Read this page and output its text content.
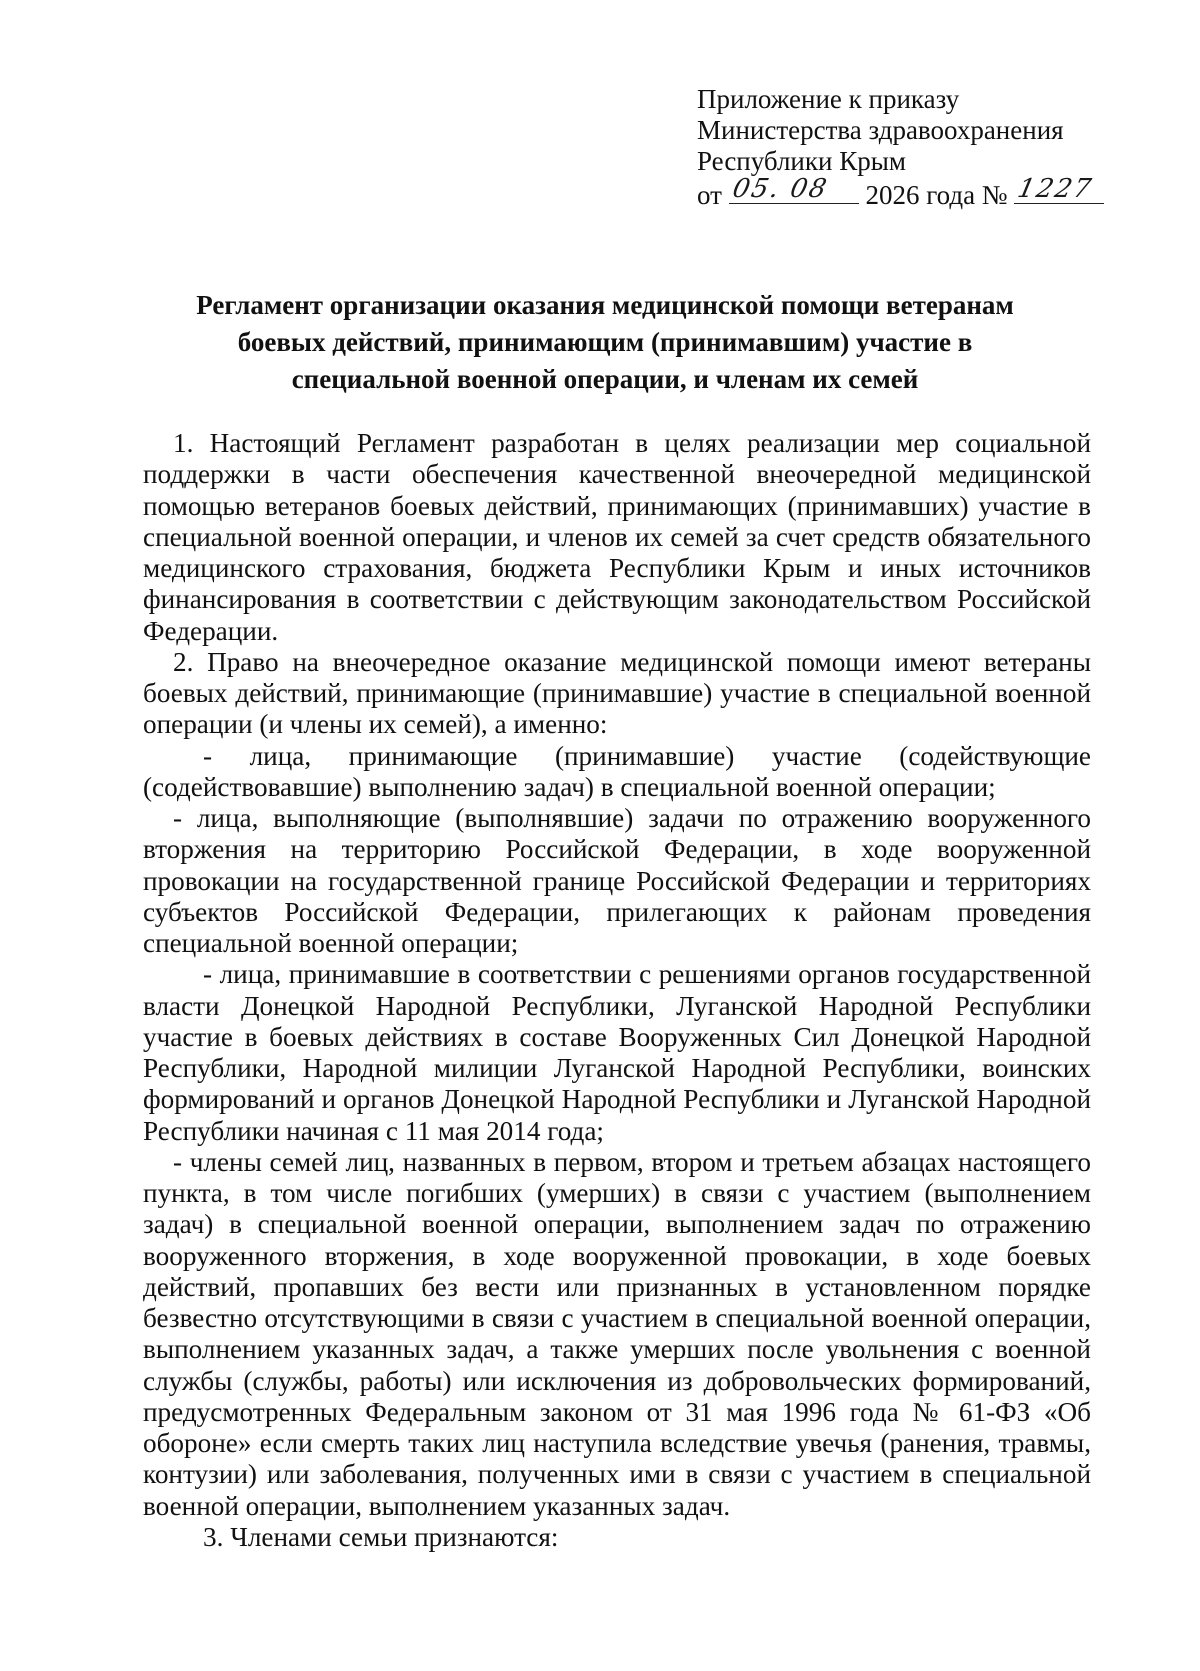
Приложение к приказу
Министерства здравоохранения
Республики Крым
от 05. 08 2026 года № 1227
Регламент организации оказания медицинской помощи ветеранам
боевых действий, принимающим (принимавшим) участие в
специальной военной операции, и членам их семей

1. Настоящий Регламент разработан в целях реализации мер социальной поддержки в части обеспечения качественной внеочередной медицинской помощью ветеранов боевых действий, принимающих (принимавших) участие в специальной военной операции, и членов их семей за счет средств обязательного медицинского страхования, бюджета Республики Крым и иных источников финансирования в соответствии с действующим законодательством Российской Федерации.

2. Право на внеочередное оказание медицинской помощи имеют ветераны боевых действий, принимающие (принимавшие) участие в специальной военной операции (и члены их семей), а именно:

- лица, принимающие (принимавшие) участие (содействующие (содействовавшие) выполнению задач) в специальной военной операции;

- лица, выполняющие (выполнявшие) задачи по отражению вооруженного вторжения на территорию Российской Федерации, в ходе вооруженной провокации на государственной границе Российской Федерации и территориях субъектов Российской Федерации, прилегающих к районам проведения специальной военной операции;

- лица, принимавшие в соответствии с решениями органов государственной власти Донецкой Народной Республики, Луганской Народной Республики участие в боевых действиях в составе Вооруженных Сил Донецкой Народной Республики, Народной милиции Луганской Народной Республики, воинских формирований и органов Донецкой Народной Республики и Луганской Народной Республики начиная с 11 мая 2014 года;

- члены семей лиц, названных в первом, втором и третьем абзацах настоящего пункта, в том числе погибших (умерших) в связи с участием (выполнением задач) в специальной военной операции, выполнением задач по отражению вооруженного вторжения, в ходе вооруженной провокации, в ходе боевых действий, пропавших без вести или признанных в установленном порядке безвестно отсутствующими в связи с участием в специальной военной операции, выполнением указанных задач, а также умерших после увольнения с военной службы (службы, работы) или исключения из добровольческих формирований, предусмотренных Федеральным законом от 31 мая 1996 года № 61-ФЗ «Об обороне» если смерть таких лиц наступила вследствие увечья (ранения, травмы, контузии) или заболевания, полученных ими в связи с участием в специальной военной операции, выполнением указанных задач.

3. Членами семьи признаются:
